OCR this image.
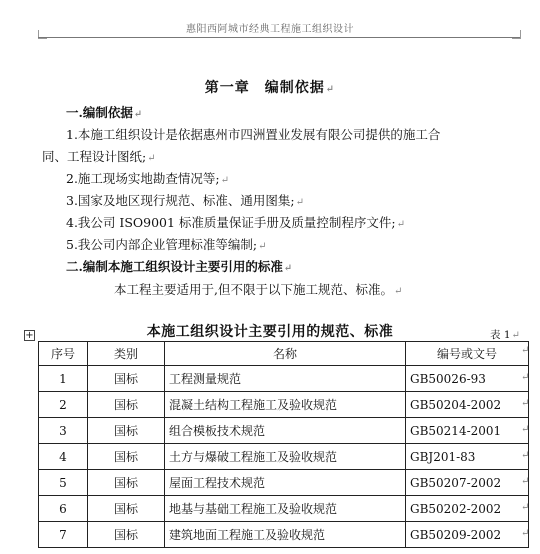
惠阳西阿城市经典工程施工组织设计
第一章　编制依据↵
一.编制依据↵
1.本施工组织设计是依据惠州市四洲置业发展有限公司提供的施工合
同、工程设计图纸;↵
2.施工现场实地勘查情况等;↵
3.国家及地区现行规范、标准、通用图集;↵
4.我公司 ISO9001 标准质量保证手册及质量控制程序文件;↵
5.我公司内部企业管理标准等编制;↵
二.编制本施工组织设计主要引用的标准↵
本工程主要适用于,但不限于以下施工规范、标准。↵
+	本施工组织设计主要引用的规范、标准	表 1↵
序号	类别	名称	编号或文号
1	国标	工程测量规范	GB50026-93
2	国标	混凝土结构工程施工及验收规范	GB50204-2002
3	国标	组合模板技术规范	GB50214-2001
4	国标	土方与爆破工程施工及验收规范	GBJ201-83
5	国标	屋面工程技术规范	GB50207-2002
6	国标	地基与基础工程施工及验收规范	GB50202-2002
7	国标	建筑地面工程施工及验收规范	GB50209-2002
↵
↵
↵
↵
↵
↵
↵
↵
